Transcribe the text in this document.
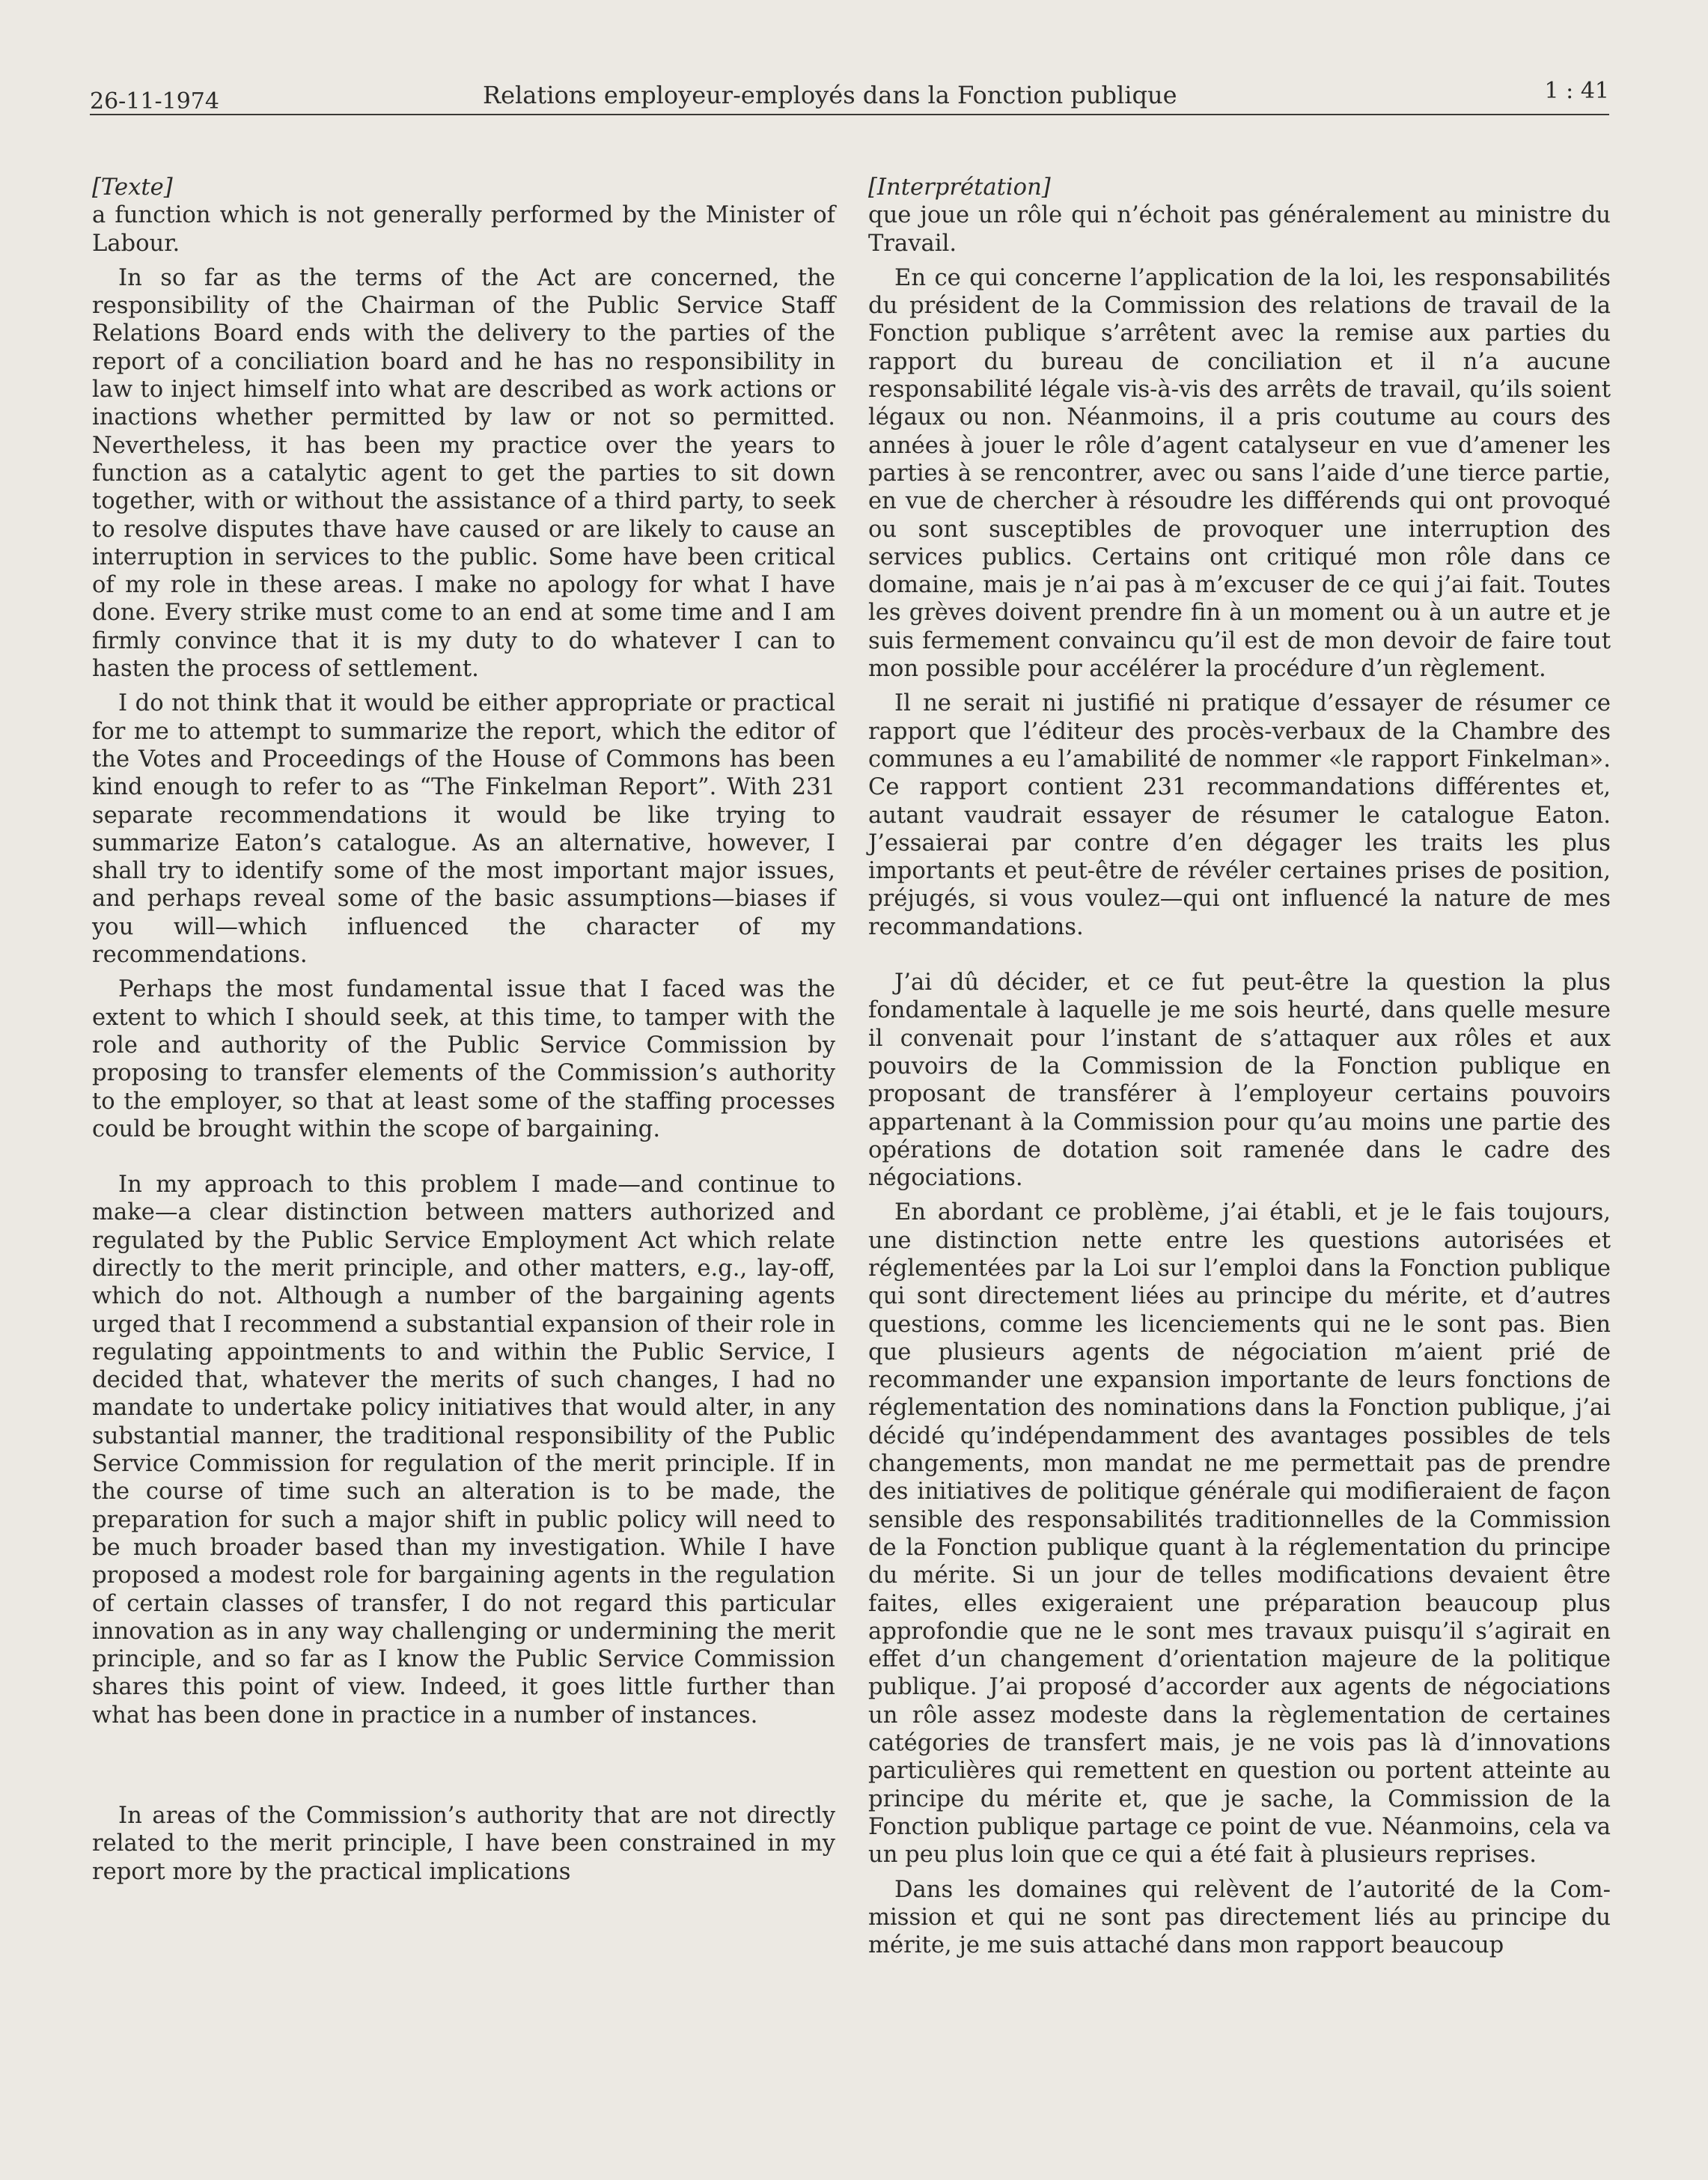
26-11-1974	Relations employeur-employés dans la Fonction publique	1 : 41

[Texte]

a function which is not generally performed by the Minister of Labour.

In so far as the terms of the Act are concerned, the responsibility of the Chairman of the Public Service Staff Relations Board ends with the delivery to the parties of the report of a conciliation board and he has no responsibility in law to inject himself into what are described as work actions or inactions whether permitted by law or not so permitted. Nevertheless, it has been my practice over the years to function as a catalytic agent to get the parties to sit down together, with or without the assistance of a third party, to seek to resolve disputes thave have caused or are likely to cause an interruption in services to the public. Some have been critical of my role in these areas. I make no apology for what I have done. Every strike must come to an end at some time and I am firmly convince that it is my duty to do whatever I can to hasten the process of settlement.

I do not think that it would be either appropriate or practical for me to attempt to summarize the report, which the editor of the Votes and Proceedings of the House of Commons has been kind enough to refer to as “The Finkelman Report”. With 231 separate recommendations it would be like trying to summarize Eaton’s catalogue. As an alternative, however, I shall try to identify some of the most important major issues, and perhaps reveal some of the basic assumptions—biases if you will—which influenced the character of my recommendations.

Perhaps the most fundamental issue that I faced was the extent to which I should seek, at this time, to tamper with the role and authority of the Public Service Commission by proposing to transfer elements of the Commission’s authority to the employer, so that at least some of the staffing processes could be brought within the scope of bargaining.

In my approach to this problem I made—and continue to make—a clear distinction between matters authorized and regulated by the Public Service Employment Act which relate directly to the merit principle, and other matters, e.g., lay-off, which do not. Although a number of the bargaining agents urged that I recommend a substantial expansion of their role in regulating appointments to and within the Public Service, I decided that, whatever the merits of such changes, I had no mandate to undertake policy initiatives that would alter, in any substantial manner, the traditional responsibility of the Public Service Commission for regulation of the merit principle. If in the course of time such an alteration is to be made, the preparation for such a major shift in public policy will need to be much broader based than my investigation. While I have proposed a modest role for bargaining agents in the regulation of certain classes of transfer, I do not regard this particular innovation as in any way challenging or undermining the merit principle, and so far as I know the Public Service Commission shares this point of view. Indeed, it goes little further than what has been done in practice in a number of instances.

In areas of the Commission’s authority that are not directly related to the merit principle, I have been constrained in my report more by the practical implications

[Interprétation]

que joue un rôle qui n’échoit pas généralement au ministre du Travail.

En ce qui concerne l’application de la loi, les responsabilités du président de la Commission des relations de travail de la Fonction publique s’arrêtent avec la remise aux parties du rapport du bureau de conciliation et il n’a aucune responsabilité légale vis-à-vis des arrêts de travail, qu’ils soient légaux ou non. Néanmoins, il a pris coutume au cours des années à jouer le rôle d’agent catalyseur en vue d’amener les parties à se rencontrer, avec ou sans l’aide d’une tierce partie, en vue de chercher à résoudre les différends qui ont provoqué ou sont susceptibles de provoquer une interruption des services publics. Certains ont critiqué mon rôle dans ce domaine, mais je n’ai pas à m’excuser de ce qui j’ai fait. Toutes les grèves doivent prendre fin à un moment ou à un autre et je suis fermement convaincu qu’il est de mon devoir de faire tout mon possible pour accélérer la procédure d’un règlement.

Il ne serait ni justifié ni pratique d’essayer de résumer ce rapport que l’éditeur des procès-verbaux de la Chambre des communes a eu l’amabilité de nommer «le rapport Finkelman». Ce rapport contient 231 recommandations différentes et, autant vaudrait essayer de résumer le catalogue Eaton. J’essaierai par contre d’en dégager les traits les plus importants et peut-être de révéler certaines prises de position, préjugés, si vous voulez—qui ont influencé la nature de mes recommandations.

J’ai dû décider, et ce fut peut-être la question la plus fondamentale à laquelle je me sois heurté, dans quelle mesure il convenait pour l’instant de s’attaquer aux rôles et aux pouvoirs de la Commission de la Fonction publique en proposant de transférer à l’employeur certains pouvoirs appartenant à la Commission pour qu’au moins une partie des opérations de dotation soit ramenée dans le cadre des négociations.

En abordant ce problème, j’ai établi, et je le fais toujours, une distinction nette entre les questions autorisées et réglementées par la Loi sur l’emploi dans la Fonction publique qui sont directement liées au principe du mérite, et d’autres questions, comme les licenciements qui ne le sont pas. Bien que plusieurs agents de négociation m’aient prié de recommander une expansion importante de leurs fonctions de réglementation des nominations dans la Fonction publique, j’ai décidé qu’indépendamment des avantages possibles de tels changements, mon mandat ne me permettait pas de prendre des initiatives de politique générale qui modifieraient de façon sensible des responsabilités traditionnelles de la Commission de la Fonction publique quant à la réglementation du principe du mérite. Si un jour de telles modifications devaient être faites, elles exigeraient une préparation beaucoup plus approfondie que ne le sont mes travaux puisqu’il s’agirait en effet d’un changement d’orientation majeure de la politique publique. J’ai proposé d’accorder aux agents de négociations un rôle assez modeste dans la règlementation de certaines catégories de transfert mais, je ne vois pas là d’innovations particulières qui remettent en question ou portent atteinte au principe du mérite et, que je sache, la Commission de la Fonction publique partage ce point de vue. Néanmoins, cela va un peu plus loin que ce qui a été fait à plusieurs reprises.

Dans les domaines qui relèvent de l’autorité de la Commission et qui ne sont pas directement liés au principe du mérite, je me suis attaché dans mon rapport beaucoup
